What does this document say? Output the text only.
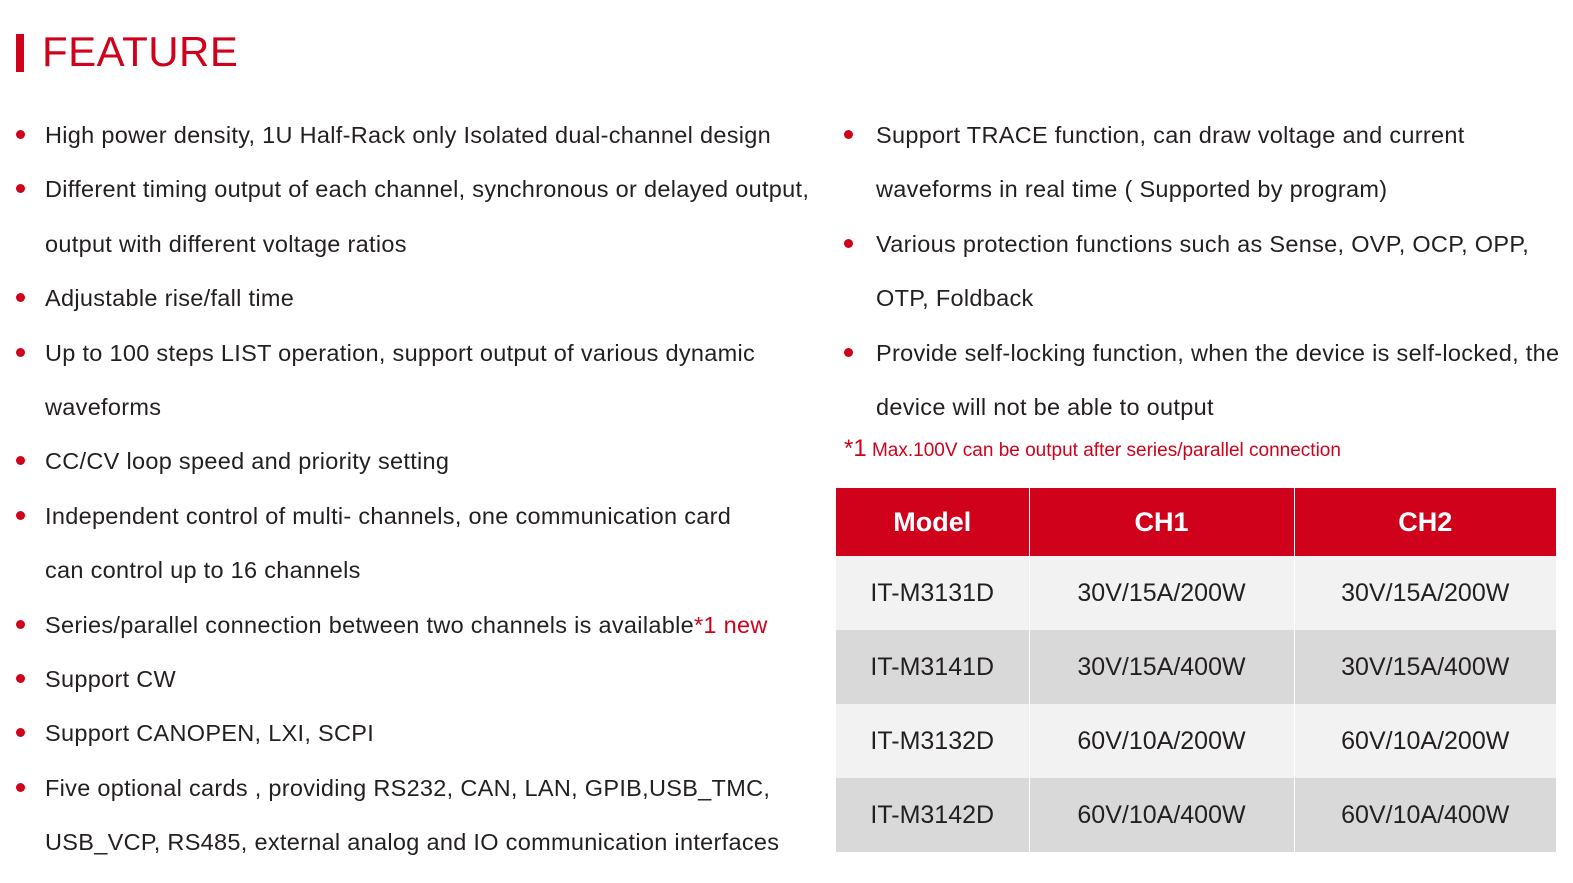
FEATURE
High power density, 1U Half-Rack only Isolated dual-channel design
Different timing output of each channel, synchronous or delayed output,
output with different voltage ratios
Adjustable rise/fall time
Up to 100 steps LIST operation, support output of various dynamic
waveforms
CC/CV loop speed and priority setting
Independent control of multi- channels, one communication card
can control up to 16 channels
Series/parallel connection between two channels is available*1 new
Support CW
Support CANOPEN, LXI, SCPI
Five optional cards , providing RS232, CAN, LAN, GPIB,USB_TMC,
USB_VCP, RS485, external analog and IO communication interfaces
Support TRACE function, can draw voltage and current
waveforms in real time ( Supported by program)
Various protection functions such as Sense, OVP, OCP, OPP,
OTP, Foldback
Provide self-locking function, when the device is self-locked, the
device will not be able to output
*1 Max.100V can be output after series/parallel connection
Model	CH1	CH2
IT-M3131D	30V/15A/200W	30V/15A/200W
IT-M3141D	30V/15A/400W	30V/15A/400W
IT-M3132D	60V/10A/200W	60V/10A/200W
IT-M3142D	60V/10A/400W	60V/10A/400W
